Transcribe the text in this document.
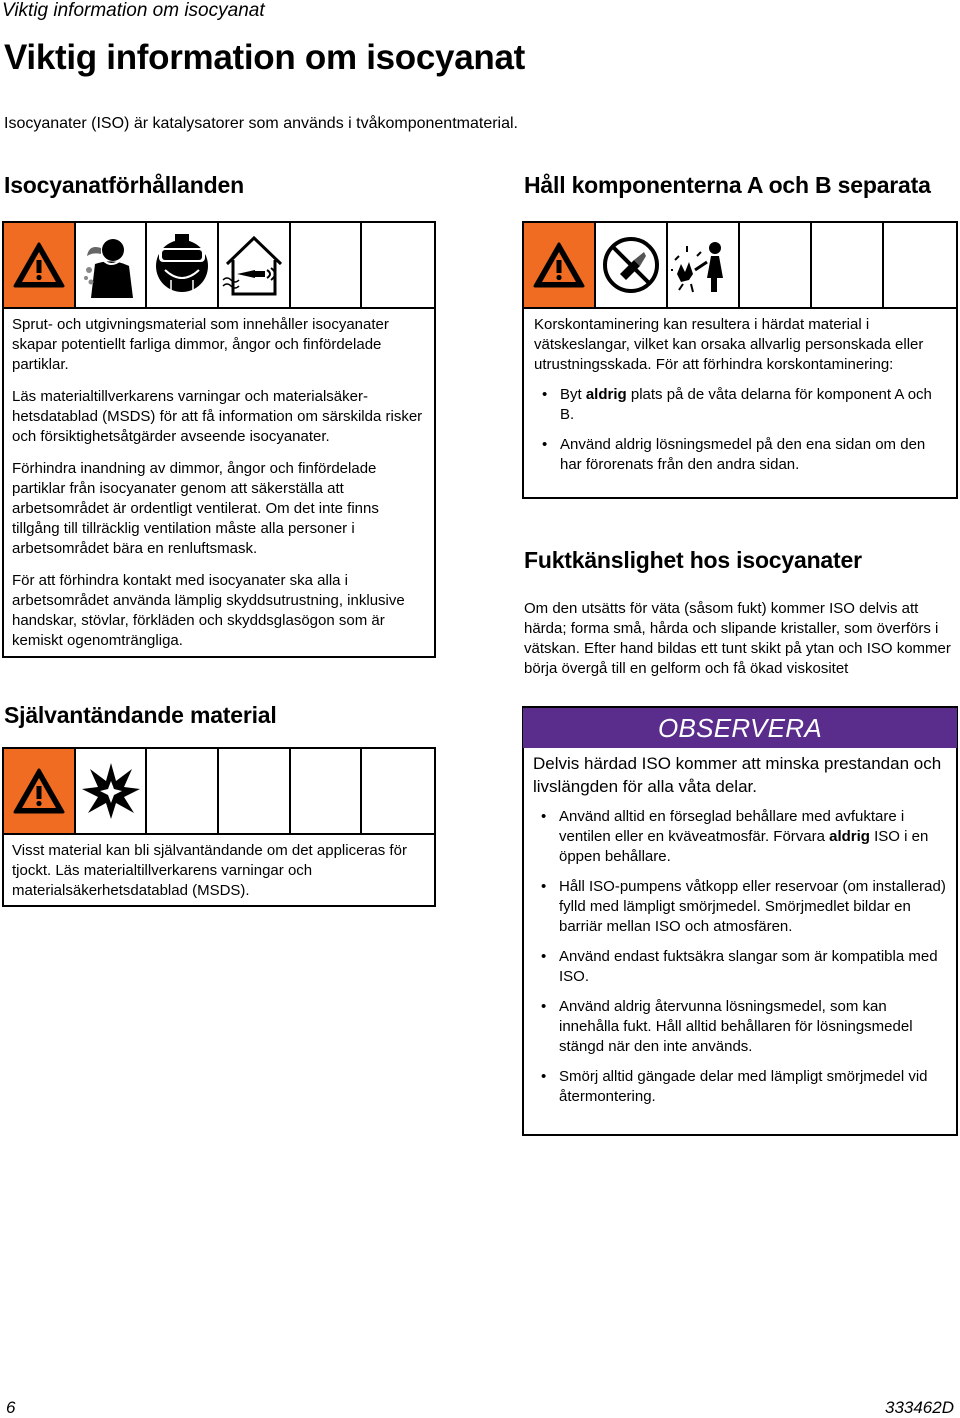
Viktig information om isocyanat
Viktig information om isocyanat
Isocyanater (ISO) är katalysatorer som används i tvåkomponentmaterial.
Isocyanatförhållanden

Sprut- och utgivningsmaterial som innehåller isocyanater skapar potentiellt farliga dimmor, ångor och finfördelade partiklar.

Läs materialtillverkarens varningar och materialsäkerhetsdatablad (MSDS) för att få information om särskilda risker och försiktighetsåtgärder avseende isocyanater.

Förhindra inandning av dimmor, ångor och finfördelade partiklar från isocyanater genom att säkerställa att arbetsområdet är ordentligt ventilerat. Om det inte finns tillgång till tillräcklig ventilation måste alla personer i arbetsområdet bära en renluftsmask.

För att förhindra kontakt med isocyanater ska alla i arbetsområdet använda lämplig skyddsutrustning, inklusive handskar, stövlar, förkläden och skyddsglasögon som är kemiskt ogenomträngliga.

Självantändande material
Visst material kan bli självantändande om det appliceras för tjockt. Läs materialtillverkarens varningar och materialsäkerhetsdatablad (MSDS).
Håll komponenterna A och B separata

Korskontaminering kan resultera i härdat material i vätskeslangar, vilket kan orsaka allvarlig personskada eller utrustningsskada. För att förhindra korskontaminering:

• Byt aldrig plats på de våta delarna för komponent A och B.
• Använd aldrig lösningsmedel på den ena sidan om den har förorenats från den andra sidan.
Fuktkänslighet hos isocyanater
Om den utsätts för väta (såsom fukt) kommer ISO delvis att härda; forma små, hårda och slipande kristaller, som överförs i vätskan. Efter hand bildas ett tunt skikt på ytan och ISO kommer börja övergå till en gelform och få ökad viskositet
OBSERVERA
Delvis härdad ISO kommer att minska prestandan och livslängden för alla våta delar.
• Använd alltid en förseglad behållare med avfuktare i ventilen eller en kväveatmosfär. Förvara aldrig ISO i en öppen behållare.
• Håll ISO-pumpens våtkopp eller reservoar (om installerad) fylld med lämpligt smörjmedel. Smörjmedlet bildar en barriär mellan ISO och atmosfären.
• Använd endast fuktsäkra slangar som är kompatibla med ISO.
• Använd aldrig återvunna lösningsmedel, som kan innehålla fukt. Håll alltid behållaren för lösningsmedel stängd när den inte används.
• Smörj alltid gängade delar med lämpligt smörjmedel vid återmontering.
6	333462D
